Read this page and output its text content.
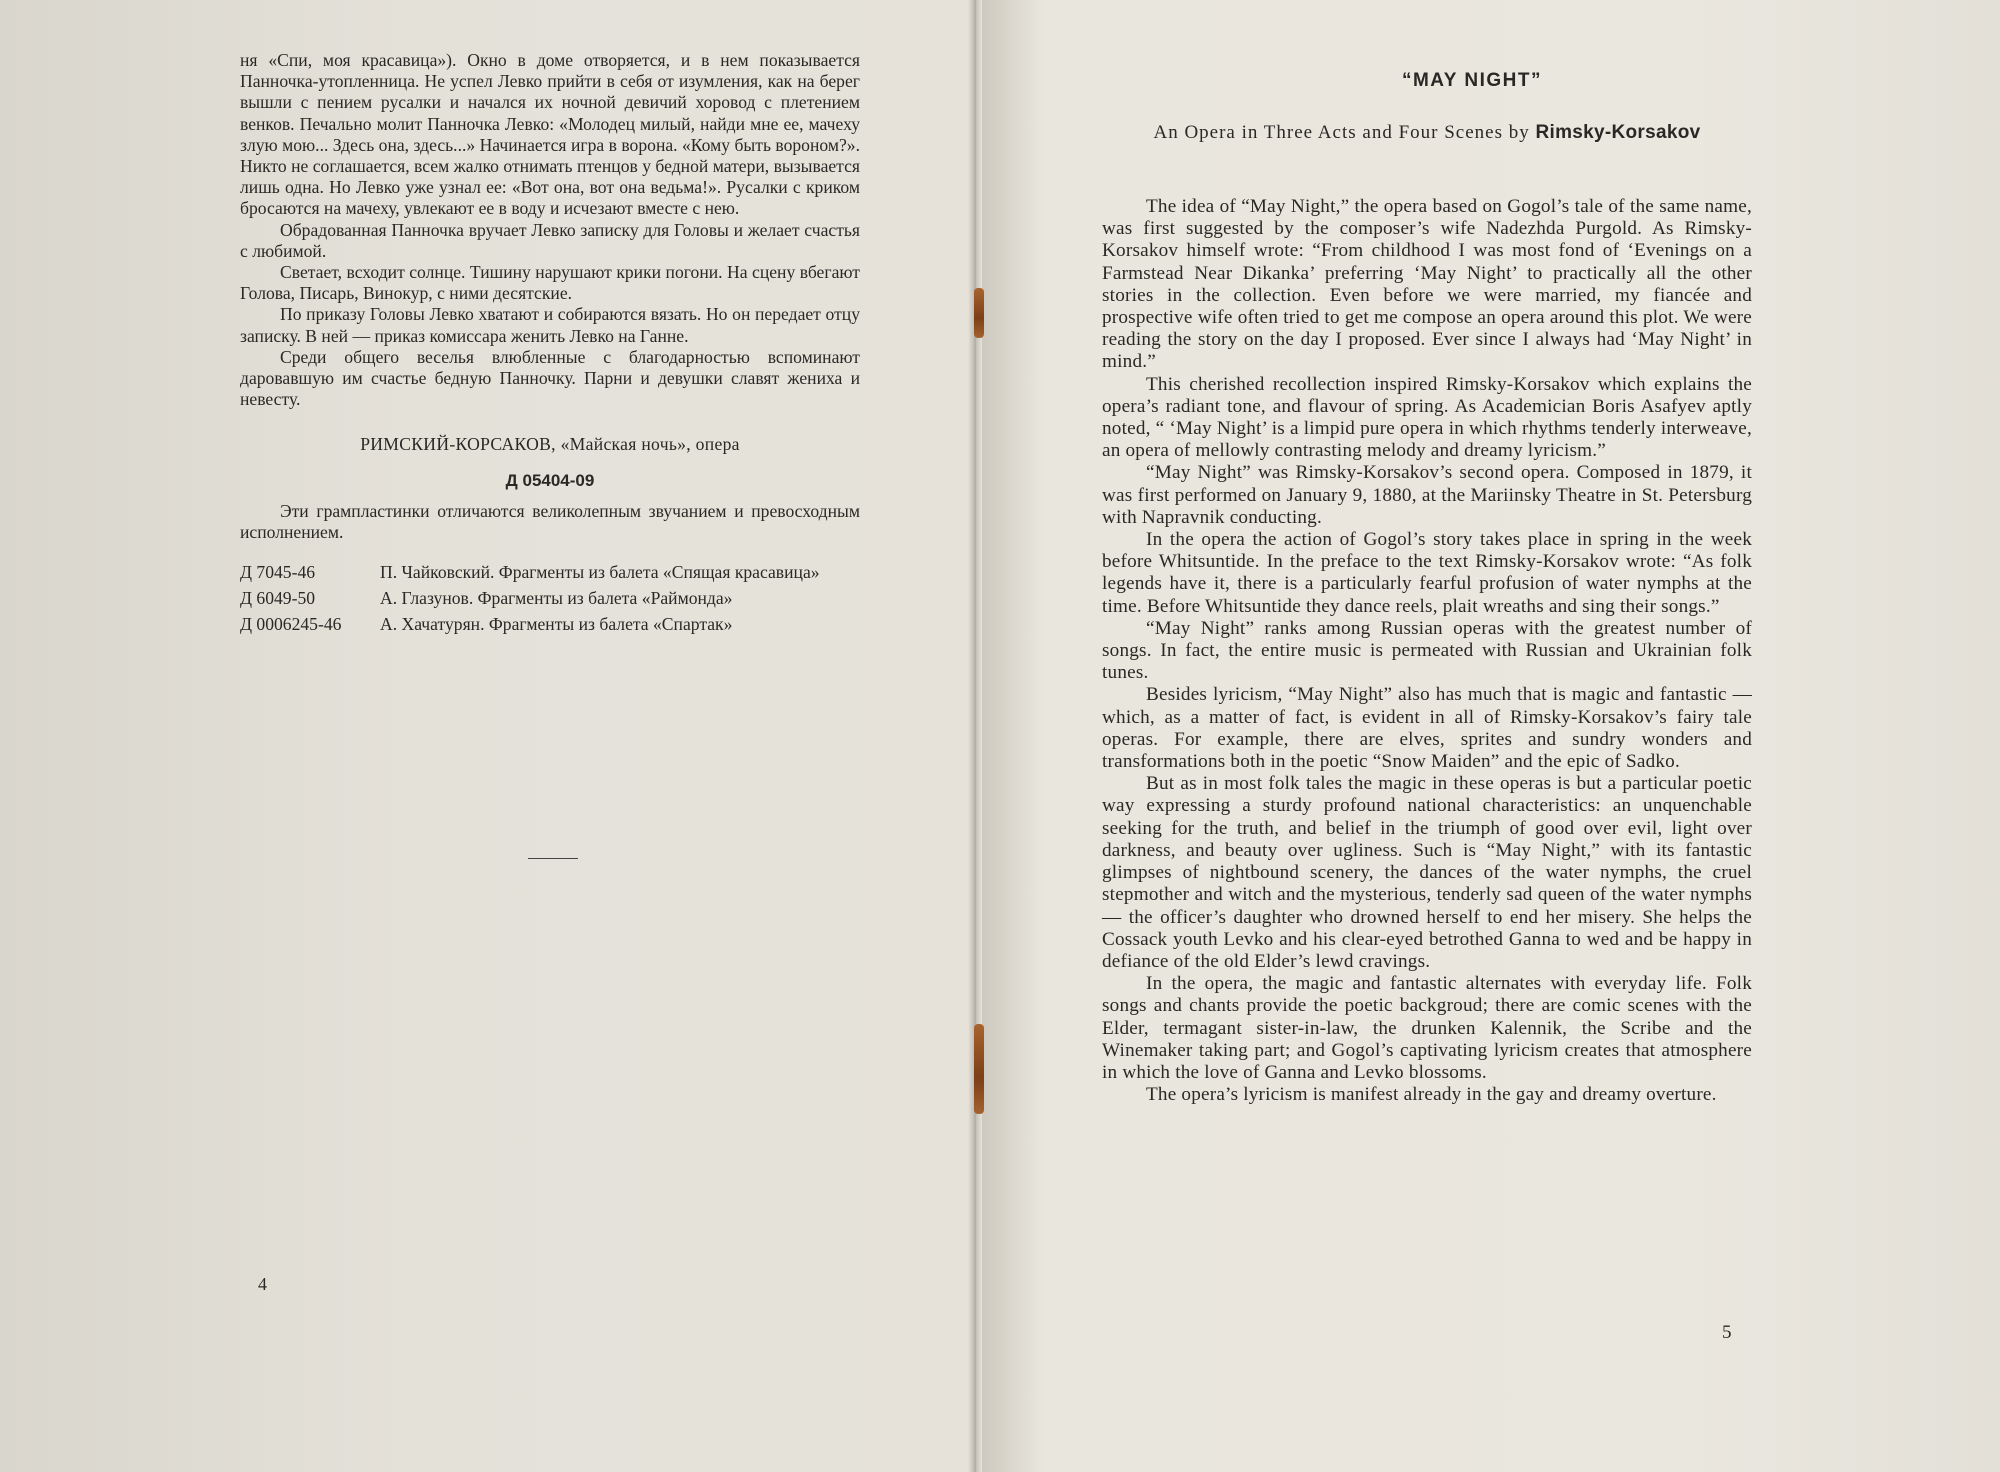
ня «Спи, моя красавица»). Окно в доме отворяется, и в нем показывается Панночка-утопленница. Не успел Левко прийти в себя от изумления, как на берег вышли с пением русалки и начался их ночной девичий хоровод с плетением венков. Печально молит Панночка Левко: «Молодец милый, найди мне ее, мачеху злую мою... Здесь она, здесь...» Начинается игра в ворона. «Кому быть вороном?». Никто не соглашается, всем жалко отнимать птенцов у бедной матери, вызывается лишь одна. Но Левко уже узнал ее: «Вот она, вот она ведьма!». Русалки с криком бросаются на мачеху, увлекают ее в воду и исчезают вместе с нею.

Обрадованная Панночка вручает Левко записку для Головы и желает счастья с любимой.

Светает, всходит солнце. Тишину нарушают крики погони. На сцену вбегают Голова, Писарь, Винокур, с ними десятские.

По приказу Головы Левко хватают и собираются вязать. Но он передает отцу записку. В ней — приказ комиссара женить Левко на Ганне.

Среди общего веселья влюбленные с благодарностью вспоминают даровавшую им счастье бедную Панночку. Парни и девушки славят жениха и невесту.

РИМСКИЙ-КОРСАКОВ, «Майская ночь», опера

Д 05404-09

Эти грампластинки отличаются великолепным звучанием и превосходным исполнением.

Д 7045-46	П. Чайковский. Фрагменты из балета «Спящая красавица»
Д 6049-50	А. Глазунов. Фрагменты из балета «Раймонда»
Д 0006245-46	А. Хачатурян. Фрагменты из балета «Спартак»
4

“MAY NIGHT”

An Opera in Three Acts and Four Scenes by Rimsky-Korsakov

The idea of “May Night,” the opera based on Gogol’s tale of the same name, was first suggested by the composer’s wife Nadezhda Purgold. As Rimsky-Korsakov himself wrote: “From childhood I was most fond of ‘Evenings on a Farmstead Near Dikanka’ preferring ‘May Night’ to practically all the other stories in the collection. Even before we were married, my fiancée and prospective wife often tried to get me compose an opera around this plot. We were reading the story on the day I proposed. Ever since I always had ‘May Night’ in mind.”

This cherished recollection inspired Rimsky-Korsakov which explains the opera’s radiant tone, and flavour of spring. As Academician Boris Asafyev aptly noted, “ ‘May Night’ is a limpid pure opera in which rhythms tenderly interweave, an opera of mellowly contrasting melody and dreamy lyricism.”

“May Night” was Rimsky-Korsakov’s second opera. Composed in 1879, it was first performed on January 9, 1880, at the Mariinsky Theatre in St. Petersburg with Napravnik conducting.

In the opera the action of Gogol’s story takes place in spring in the week before Whitsuntide. In the preface to the text Rimsky-Korsakov wrote: “As folk legends have it, there is a particularly fearful profusion of water nymphs at the time. Before Whitsuntide they dance reels, plait wreaths and sing their songs.”

“May Night” ranks among Russian operas with the greatest number of songs. In fact, the entire music is permeated with Russian and Ukrainian folk tunes.

Besides lyricism, “May Night” also has much that is magic and fantastic — which, as a matter of fact, is evident in all of Rimsky-Korsakov’s fairy tale operas. For example, there are elves, sprites and sundry wonders and transformations both in the poetic “Snow Maiden” and the epic of Sadko.

But as in most folk tales the magic in these operas is but a particular poetic way expressing a sturdy profound national characteristics: an unquenchable seeking for the truth, and belief in the triumph of good over evil, light over darkness, and beauty over ugliness. Such is “May Night,” with its fantastic glimpses of nightbound scenery, the dances of the water nymphs, the cruel stepmother and witch and the mysterious, tenderly sad queen of the water nymphs — the officer’s daughter who drowned herself to end her misery. She helps the Cossack youth Levko and his clear-eyed betrothed Ganna to wed and be happy in defiance of the old Elder’s lewd cravings.

In the opera, the magic and fantastic alternates with everyday life. Folk songs and chants provide the poetic backgroud; there are comic scenes with the Elder, termagant sister-in-law, the drunken Kalennik, the Scribe and the Winemaker taking part; and Gogol’s captivating lyricism creates that atmosphere in which the love of Ganna and Levko blossoms.

The opera’s lyricism is manifest already in the gay and dreamy overture.

5
